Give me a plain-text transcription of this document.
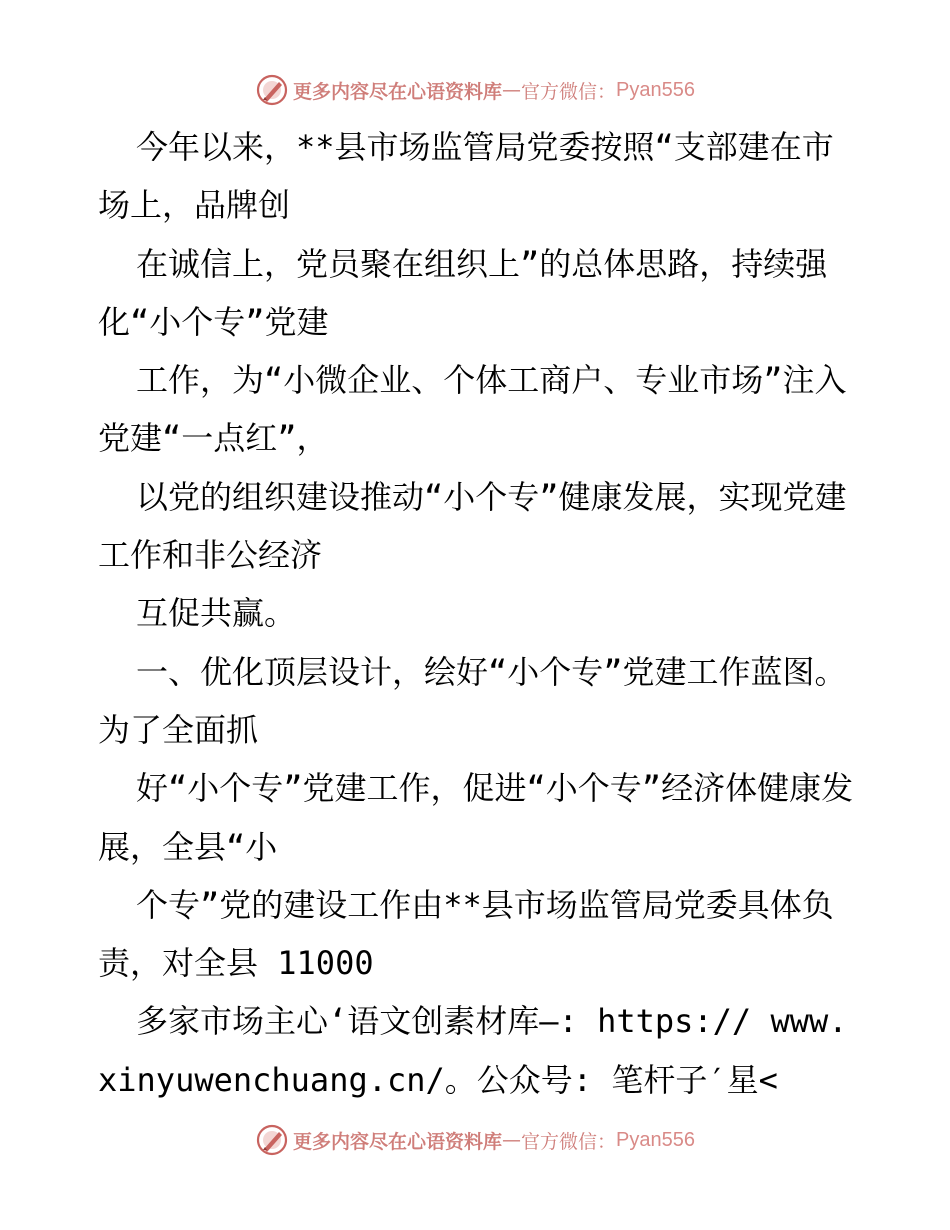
更多内容尽在心语资料库 — 官方微信： Pyan556

今年以来，**县市场监管局党委按照“支部建在市场上，品牌创

在诚信上，党员聚在组织上”的总体思路，持续强化“小个专”党建

工作，为“小微企业、个体工商户、专业市场”注入党建“一点红”，

以党的组织建设推动“小个专”健康发展，实现党建工作和非公经济

互促共赢。

一、优化顶层设计，绘好“小个专”党建工作蓝图。为了全面抓

好“小个专”党建工作，促进“小个专”经济体健康发展，全县“小

个专”党的建设工作由**县市场监管局党委具体负责，对全县 11000

多家市场主心‘语文创素材库—: https:// www.xinyuwenchuang.cn/。公众号: 笔杆子′星<

更多内容尽在心语资料库 — 官方微信： Pyan556
